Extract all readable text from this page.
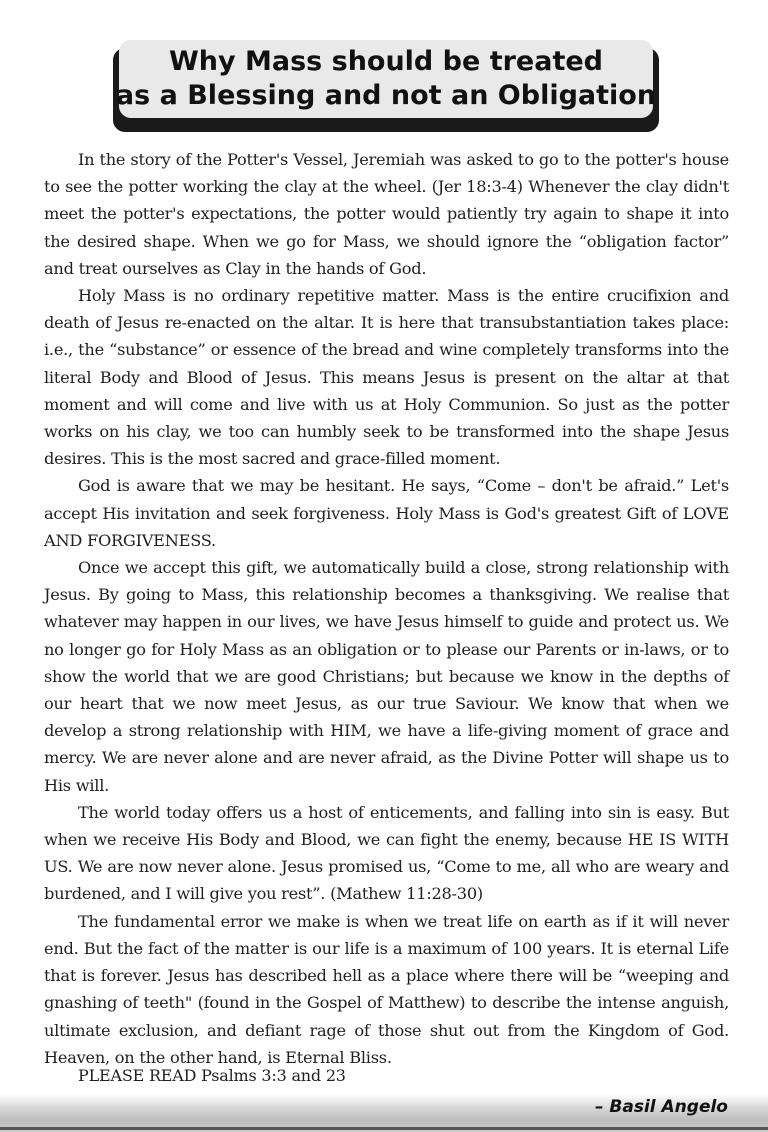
Why Mass should be treated
as a Blessing and not an Obligation

In the story of the Potter's Vessel, Jeremiah was asked to go to the potter's house to see the potter working the clay at the wheel. (Jer 18:3-4) Whenever the clay didn't meet the potter's expectations, the potter would patiently try again to shape it into the desired shape. When we go for Mass, we should ignore the “obligation factor” and treat ourselves as Clay in the hands of God.

Holy Mass is no ordinary repetitive matter. Mass is the entire crucifixion and death of Jesus re-enacted on the altar. It is here that transubstantiation takes place: i.e., the “substance” or essence of the bread and wine completely transforms into the literal Body and Blood of Jesus. This means Jesus is present on the altar at that moment and will come and live with us at Holy Communion. So just as the potter works on his clay, we too can humbly seek to be transformed into the shape Jesus desires. This is the most sacred and grace-filled moment.

God is aware that we may be hesitant. He says, “Come – don't be afraid.” Let's accept His invitation and seek forgiveness. Holy Mass is God's greatest Gift of LOVE AND FORGIVENESS.

Once we accept this gift, we automatically build a close, strong relationship with Jesus. By going to Mass, this relationship becomes a thanksgiving. We realise that whatever may happen in our lives, we have Jesus himself to guide and protect us. We no longer go for Holy Mass as an obligation or to please our Parents or in-laws, or to show the world that we are good Christians; but because we know in the depths of our heart that we now meet Jesus, as our true Saviour. We know that when we develop a strong relationship with HIM, we have a life-giving moment of grace and mercy. We are never alone and are never afraid, as the Divine Potter will shape us to His will.

The world today offers us a host of enticements, and falling into sin is easy. But when we receive His Body and Blood, we can fight the enemy, because HE IS WITH US. We are now never alone. Jesus promised us, “Come to me, all who are weary and burdened, and I will give you rest”. (Mathew 11:28-30)

The fundamental error we make is when we treat life on earth as if it will never end. But the fact of the matter is our life is a maximum of 100 years. It is eternal Life that is forever. Jesus has described hell as a place where there will be “weeping and gnashing of teeth" (found in the Gospel of Matthew) to describe the intense anguish, ultimate exclusion, and defiant rage of those shut out from the Kingdom of God. Heaven, on the other hand, is Eternal Bliss.

PLEASE READ Psalms 3:3 and 23
– Basil Angelo
